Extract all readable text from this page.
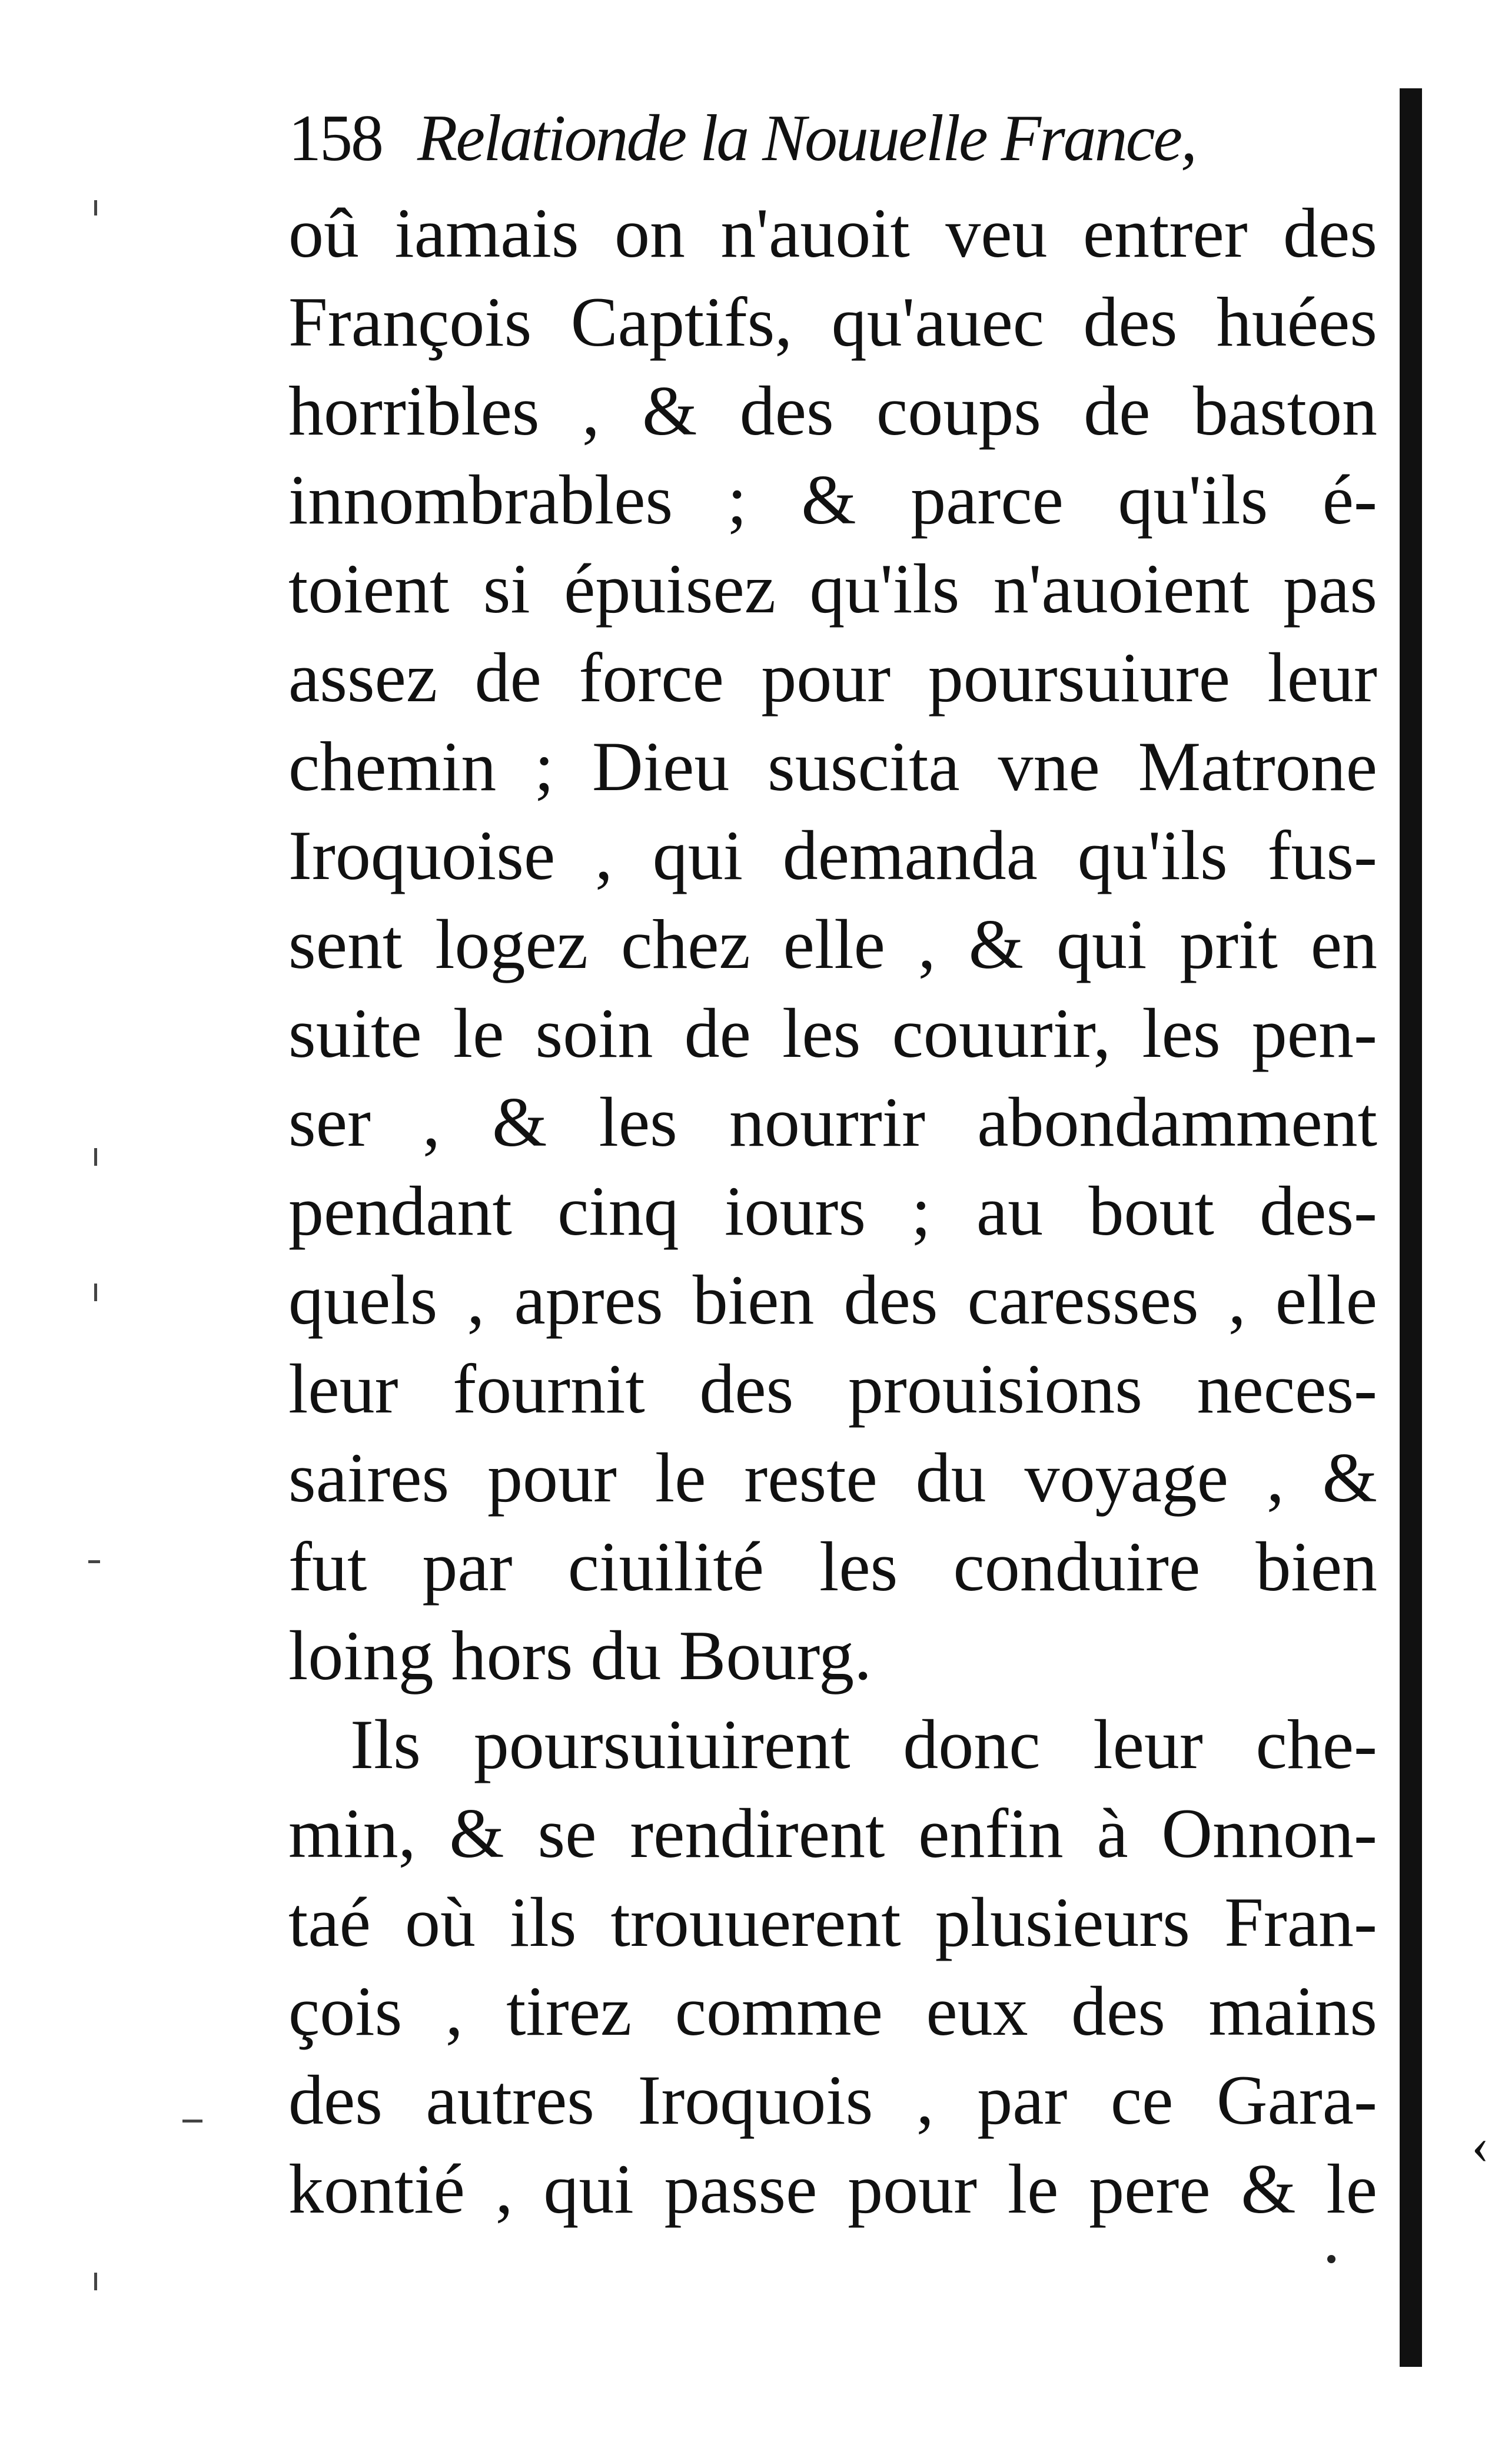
158 Relationde la Nouuelle France,
oû iamais on n'auoit veu entrer des
François Captifs, qu'auec des huées
horribles , & des coups de baston
innombrables ; & parce qu'ils é-
toient si épuisez qu'ils n'auoient pas
assez de force pour poursuiure leur
chemin ; Dieu suscita vne Matrone
Iroquoise , qui demanda qu'ils fus-
sent logez chez elle , & qui prit en
suite le soin de les couurir, les pen-
ser , & les nourrir abondamment
pendant cinq iours ; au bout des-
quels , apres bien des caresses , elle
leur fournit des prouisions neces-
saires pour le reste du voyage , &
fut par ciuilité les conduire bien
loing hors du Bourg.
Ils poursuiuirent donc leur che-
min, & se rendirent enfin à Onnon-
taé où ils trouuerent plusieurs Fran-
çois , tirez comme eux des mains
des autres Iroquois , par ce Gara-
kontié , qui passe pour le pere & le
‹
